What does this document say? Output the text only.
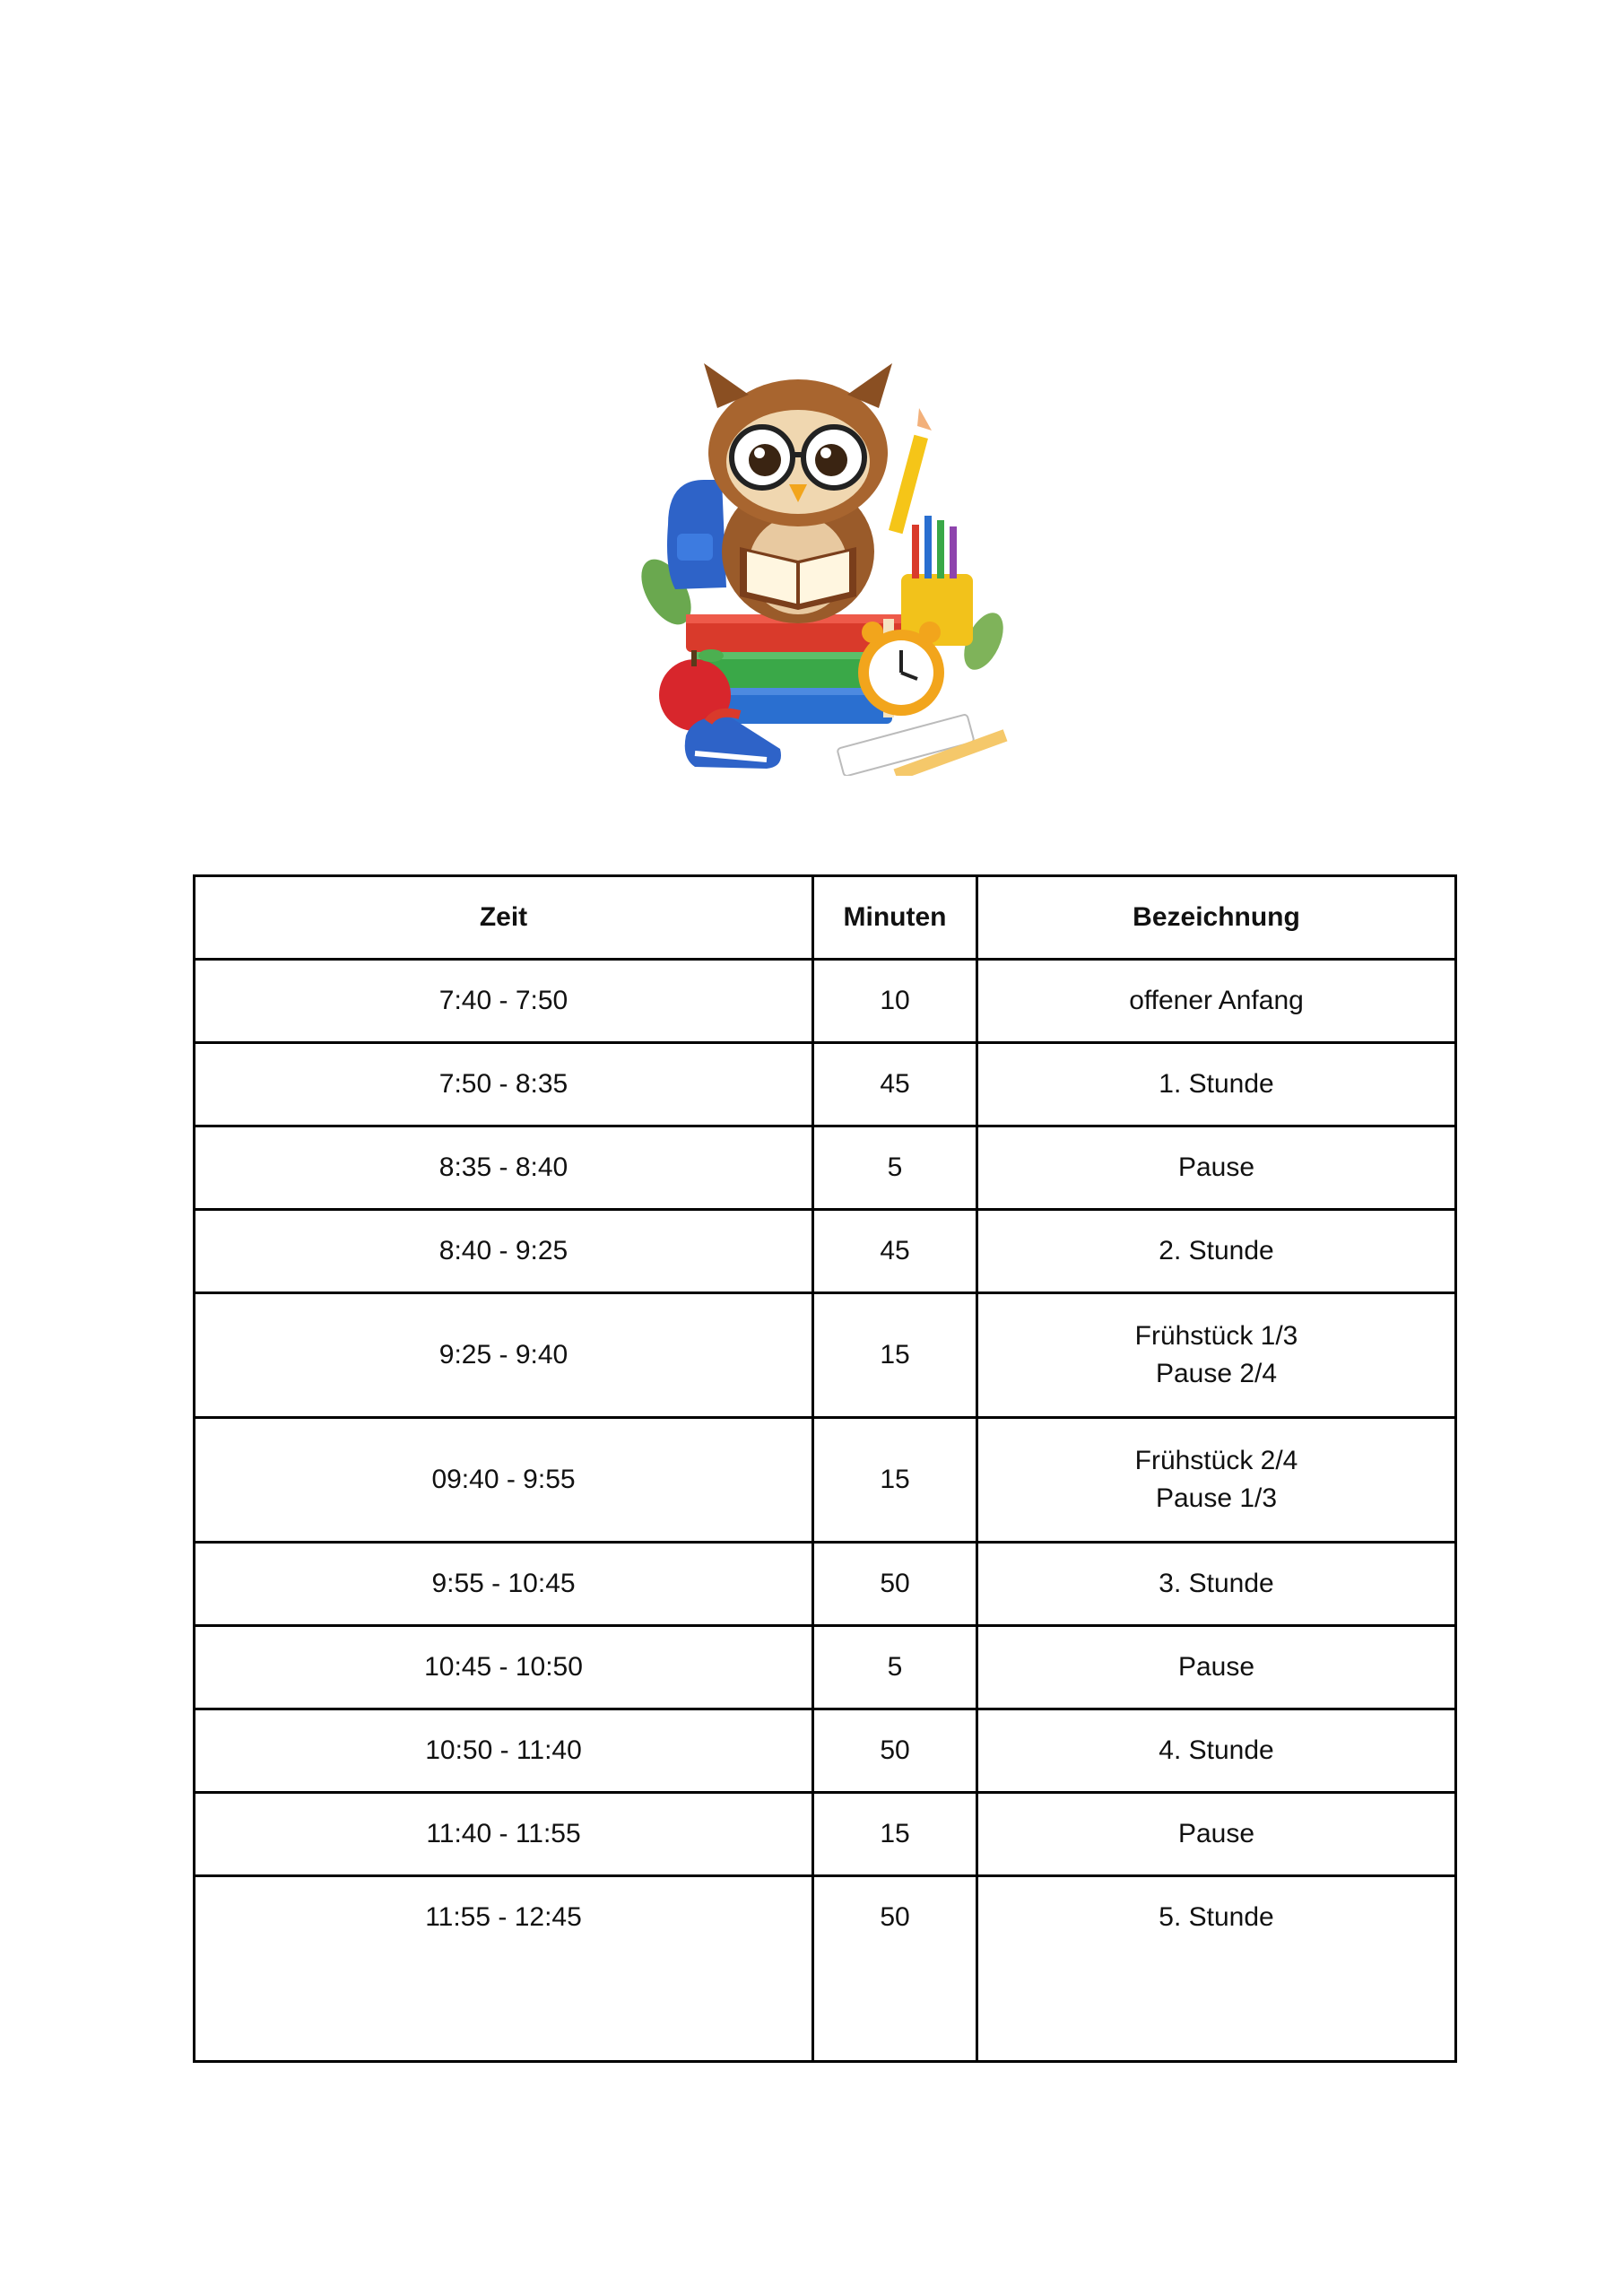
Zeit	Minuten	Bezeichnung
7:40 - 7:50	10	offener Anfang

7:50 - 8:35	45	1. Stunde

8:35 - 8:40	5	Pause

8:40 - 9:25	45	2. Stunde

9:25 - 9:40	15	Frühstück 1/3
Pause 2/4

09:40 - 9:55	15	Frühstück 2/4
Pause 1/3

9:55 - 10:45	50	3. Stunde

10:45 - 10:50	5	Pause

10:50 - 11:40	50	4. Stunde

11:40 - 11:55	15	Pause

11:55 - 12:45	50	5. Stunde
